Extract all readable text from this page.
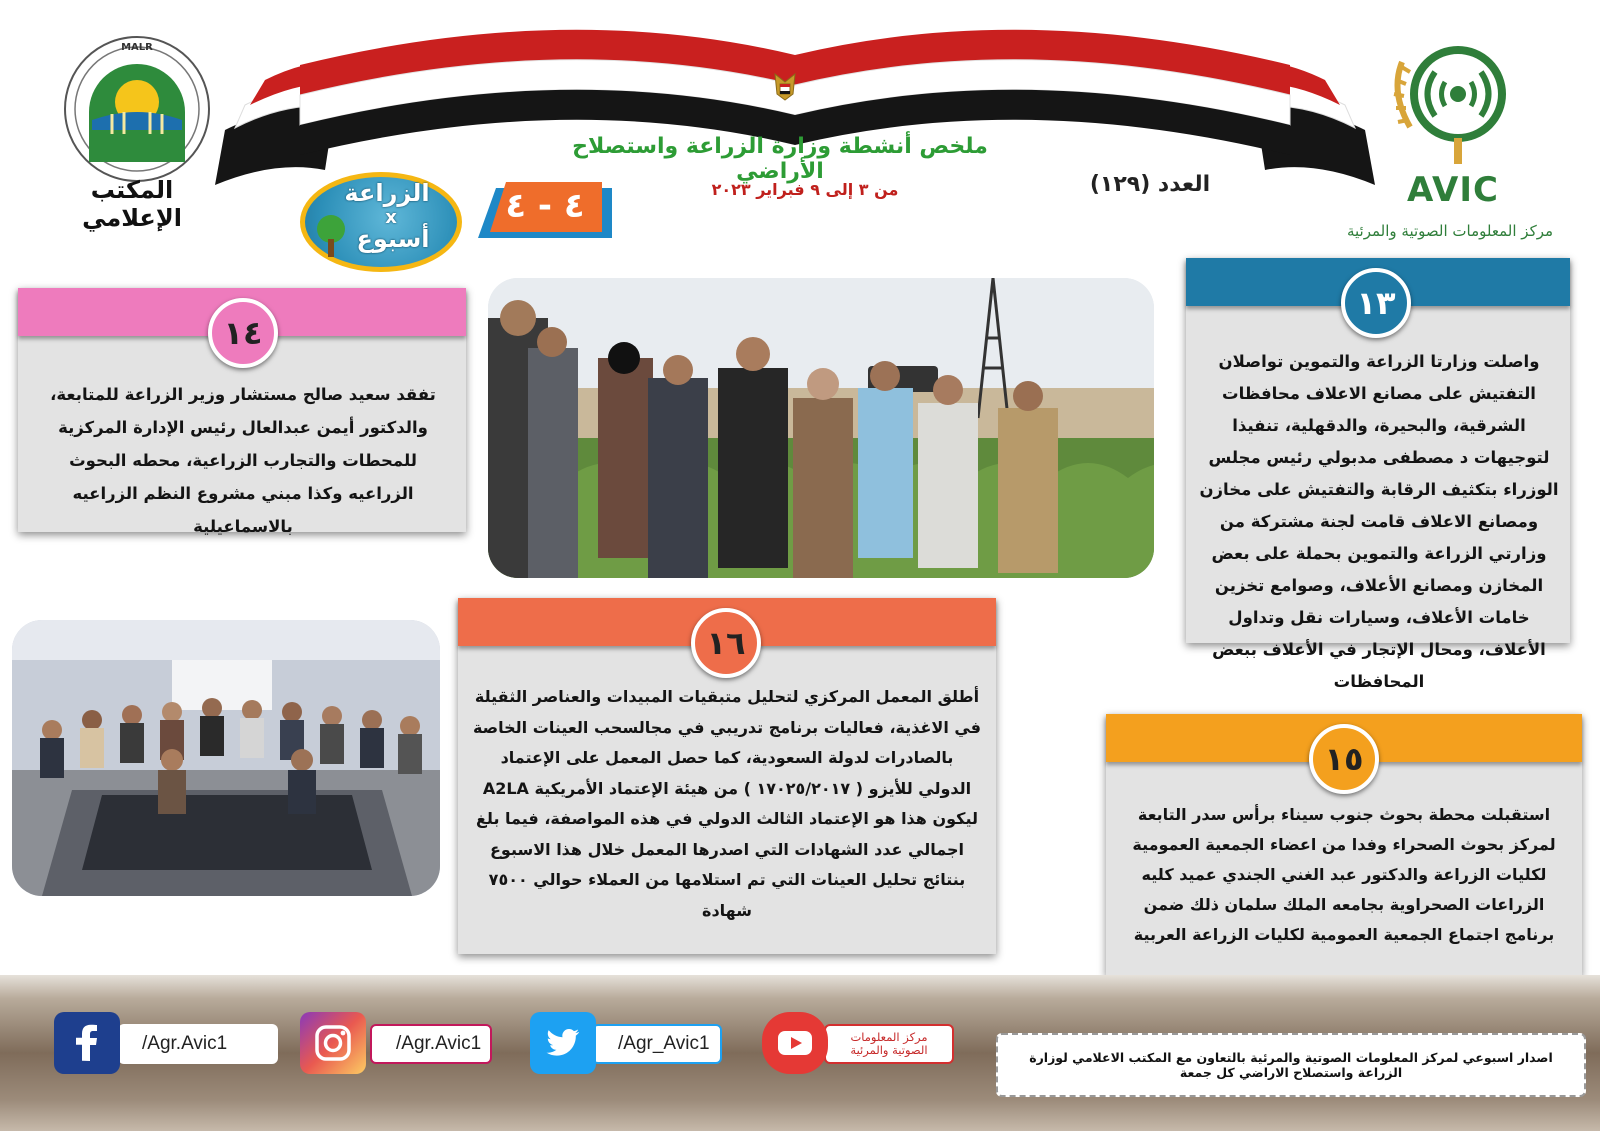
ملخص أنشطة وزارة الزراعة واستصلاح الأراضي
من ٣ إلى ٩ فبراير ٢٠٢٣	العدد (١٢٩)
MALR
المكتب الإعلامي
AVIC
مركز المعلومات الصوتية والمرئية
٤ - ٤
الزراعة
x
أسبوع
١٣
واصلت وزارتا الزراعة والتموين تواصلان التفتيش على مصانع الاعلاف محافظات الشرقية، والبحيرة، والدقهلية، تنفيذا لتوجيهات د مصطفى مدبولي رئيس مجلس الوزراء بتكثيف الرقابة والتفتيش على مخازن ومصانع الاعلاف قامت لجنة مشتركة من وزارتي الزراعة والتموين بحملة على بعض المخازن ومصانع الأعلاف، وصوامع تخزين خامات الأعلاف، وسيارات نقل وتداول الأعلاف، ومحال الإتجار في الأعلاف ببعض المحافظات
١٤
تفقد سعيد صالح مستشار وزير الزراعة للمتابعة، والدكتور أيمن عبدالعال رئيس الإدارة المركزية للمحطات والتجارب الزراعية، محطه البحوث الزراعيه وكذا مبني مشروع النظم الزراعيه بالاسماعيلية
١٦
أطلق المعمل المركزي لتحليل متبقيات المبيدات والعناصر الثقيلة في الاغذية، فعاليات برنامج تدريبي في مجالسحب العينات الخاصة بالصادرات لدولة السعودية، كما حصل المعمل على الإعتماد الدولي للأيزو ( ١٧٠٢٥/٢٠١٧ ) من هيئة الإعتماد الأمريكية A2LA ليكون هذا هو الإعتماد الثالث الدولي في هذه المواصفة، فيما بلغ اجمالي عدد الشهادات التي اصدرها المعمل خلال هذا الاسبوع بنتائج تحليل العينات التي تم استلامها من العملاء حوالي ٧٥٠٠ شهادة
١٥
استقبلت محطة بحوث جنوب سيناء برأس سدر التابعة لمركز بحوث الصحراء وفدا من اعضاء الجمعية العمومية لكليات الزراعة والدكتور عبد الغني الجندي عميد كليه الزراعات الصحراوية بجامعه الملك سلمان ذلك ضمن برنامج اجتماع الجمعية العمومية لكليات الزراعة العربية
/Agr.Avic1	/Agr.Avic1	/Agr_Avic1	مركز المعلومات الصوتية والمرئية	اصدار اسبوعي لمركز المعلومات الصوتية والمرئية بالتعاون مع المكتب الاعلامي لوزارة الزراعة واستصلاح الاراضي كل جمعة
